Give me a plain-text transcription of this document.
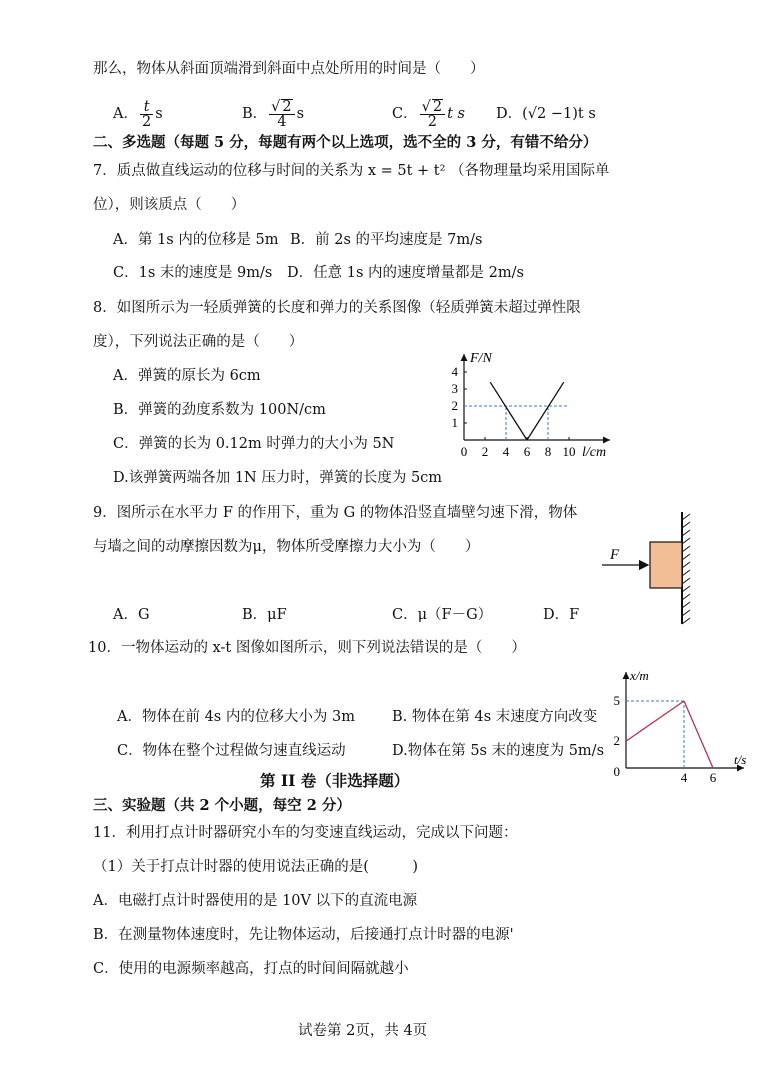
那么，物体从斜面顶端滑到斜面中点处所用的时间是（　　）
A． $\frac{t}{2}$ s	B． $\frac{√ 2}{4}$ s	C． $\frac{√ 2}{2}$ t s D．(√2 −1)t s
二、多选题（每题 5 分，每题有两个以上选项，选不全的 3 分，有错不给分）
7．质点做直线运动的位移与时间的关系为 x = 5t + t² （各物理量均采用国际单
位），则该质点（　　）
A．第 1s 内的位移是 5m B．前 2s 的平均速度是 7m/s
C．1s 末的速度是 9m/s D．任意 1s 内的速度增量都是 2m/s
8．如图所示为一轻质弹簧的长度和弹力的关系图像（轻质弹簧未超过弹性限
度），下列说法正确的是（　　）
A．弹簧的原长为 6cm
B．弹簧的劲度系数为 100N/cm
C．弹簧的长为 0.12m 时弹力的大小为 5N
D.该弹簧两端各加 1N 压力时，弹簧的长度为 5cm
0 2 4 6 8 10
1
2
3
4
F/N
l/cm
9．图所示在水平力 F 的作用下，重为 G 的物体沿竖直墙壁匀速下滑，物体
与墙之间的动摩擦因数为μ，物体所受摩擦力大小为（　　）
A．G	B．μF	C．μ（F－G）	D．F
F
10．一物体运动的 x-t 图像如图所示，则下列说法错误的是（　　）
A．物体在前 4s 内的位移大小为 3m	B. 物体在第 4s 末速度方向改变
C．物体在整个过程做匀速直线运动	D.物体在第 5s 末的速度为 5m/s
4 6
2
5
0
x/m
t/s
第 II 卷（非选择题）
三、实验题（共 2 个小题，每空 2 分）
11．利用打点计时器研究小车的匀变速直线运动，完成以下问题：
（1）关于打点计时器的使用说法正确的是(　　　)
A．电磁打点计时器使用的是 10V 以下的直流电源
B．在测量物体速度时，先让物体运动，后接通打点计时器的电源'
C．使用的电源频率越高，打点的时间间隔就越小
试卷第 2页，共 4页
